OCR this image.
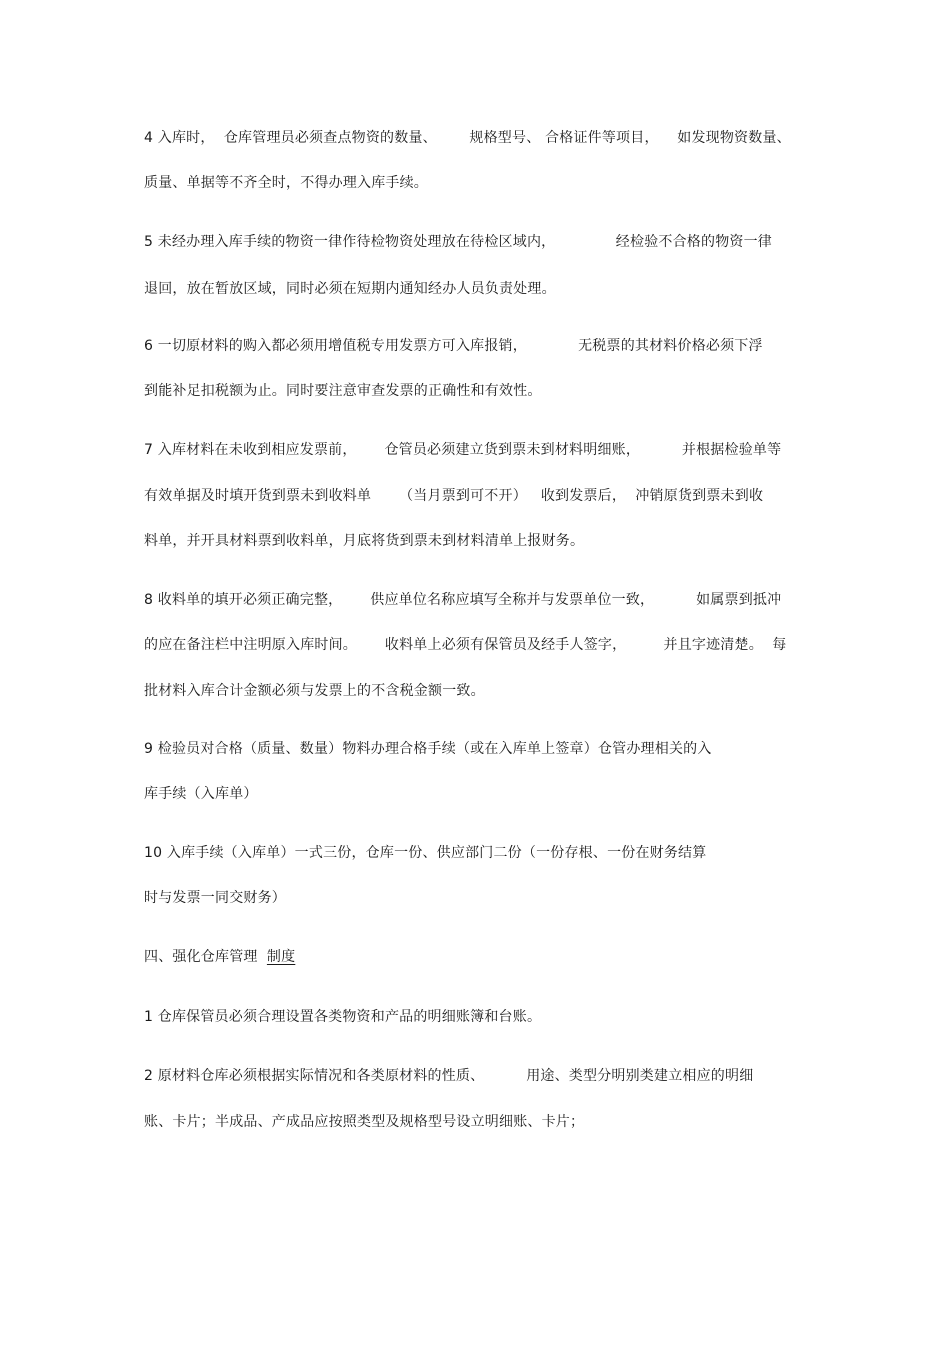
4 入库时，  仓库管理员必须查点物资的数量、       规格型号、 合格证件等项目，    如发现物资数量、
质量、单据等不齐全时，不得办理入库手续。
5 未经办理入库手续的物资一律作待检物资处理放在待检区域内，             经检验不合格的物资一律
退回，放在暂放区域，同时必须在短期内通知经办人员负责处理。
6 一切原材料的购入都必须用增值税专用发票方可入库报销，           无税票的其材料价格必须下浮
到能补足扣税额为止。同时要注意审查发票的正确性和有效性。
7 入库材料在未收到相应发票前，      仓管员必须建立货到票未到材料明细账，         并根据检验单等
有效单据及时填开货到票未到收料单      （当月票到可不开）   收到发票后，  冲销原货到票未到收
料单，并开具材料票到收料单，月底将货到票未到材料清单上报财务。
8 收料单的填开必须正确完整，      供应单位名称应填写全称并与发票单位一致，         如属票到抵冲
的应在备注栏中注明原入库时间。      收料单上必须有保管员及经手人签字，        并且字迹清楚。  每
批材料入库合计金额必须与发票上的不含税金额一致。
9 检验员对合格（质量、数量）物料办理合格手续（或在入库单上签章）仓管办理相关的入
库手续（入库单）
10 入库手续（入库单）一式三份，仓库一份、供应部门二份（一份存根、一份在财务结算
时与发票一同交财务）
四、强化仓库管理  制度
1 仓库保管员必须合理设置各类物资和产品的明细账簿和台账。
2 原材料仓库必须根据实际情况和各类原材料的性质、         用途、类型分明别类建立相应的明细
账、卡片；半成品、产成品应按照类型及规格型号设立明细账、卡片；
